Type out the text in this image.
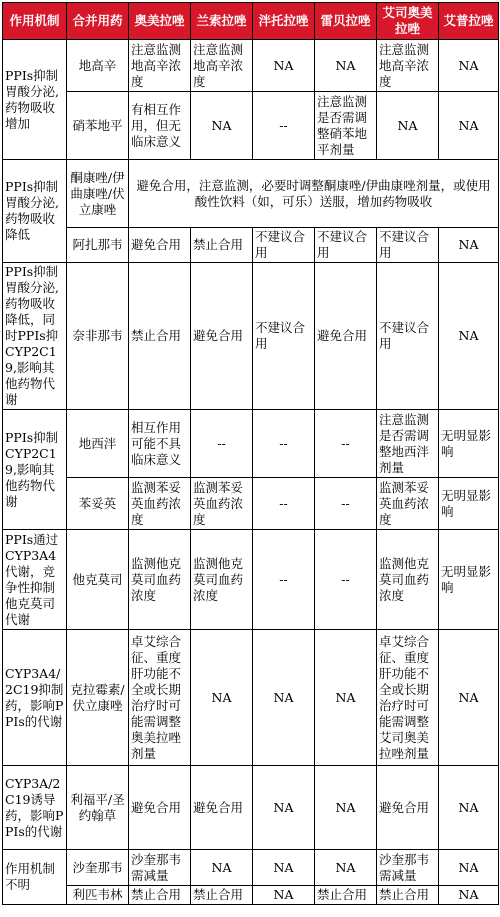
作用机制	合并用药	奥美拉唑	兰索拉唑	泮托拉唑	雷贝拉唑	艾司奥美拉唑	艾普拉唑
PPIs抑制胃酸分泌,药物吸收增加	地高辛	注意监测地高辛浓度	注意监测地高辛浓度	NA	NA	注意监测地高辛浓度	NA
	硝苯地平	有相互作用，但无临床意义	NA	--	注意监测是否需调整硝苯地平剂量	NA	NA
PPIs抑制胃酸分泌,药物吸收降低	酮康唑/伊曲康唑/伏立康唑	避免合用，注意监测，必要时调整酮康唑/伊曲康唑剂量，或使用酸性饮料（如，可乐）送服，增加药物吸收					
	阿扎那韦	避免合用	禁止合用	不建议合用	不建议合用	不建议合用	NA
PPIs抑制胃酸分泌,药物吸收降低，同时PPIs抑CYP2C19,影响其他药物代谢	奈非那韦	禁止合用	避免合用	不建议合用	避免合用	不建议合用	NA
PPIs抑制CYP2C19,影响其他药物代谢	地西泮	相互作用可能不具临床意义	--	--	--	注意监测是否需调整地西泮剂量	无明显影响
	苯妥英	监测苯妥英血药浓度	监测苯妥英血药浓度	--	--	监测苯妥英血药浓度	无明显影响
PPIs通过CYP3A4代谢，竞争性抑制他克莫司代谢	他克莫司	监测他克莫司血药浓度	监测他克莫司血药浓度	--	--	监测他克莫司血药浓度	无明显影响
CYP3A4/2C19抑制药，影响PPIs的代谢	克拉霉素/伏立康唑	卓艾综合征、重度肝功能不全或长期治疗时可能需调整奥美拉唑剂量	NA	NA	NA	卓艾综合征、重度肝功能不全或长期治疗时可能需调整艾司奥美拉唑剂量	NA
CYP3A/2C19诱导药，影响PPIs的代谢	利福平/圣约翰草	避免合用	避免合用	NA	NA	避免合用	NA
作用机制不明	沙奎那韦	沙奎那韦需减量	NA	NA	NA	沙奎那韦需减量	NA
	利匹韦林	禁止合用	禁止合用	NA	禁止合用	禁止合用	NA
